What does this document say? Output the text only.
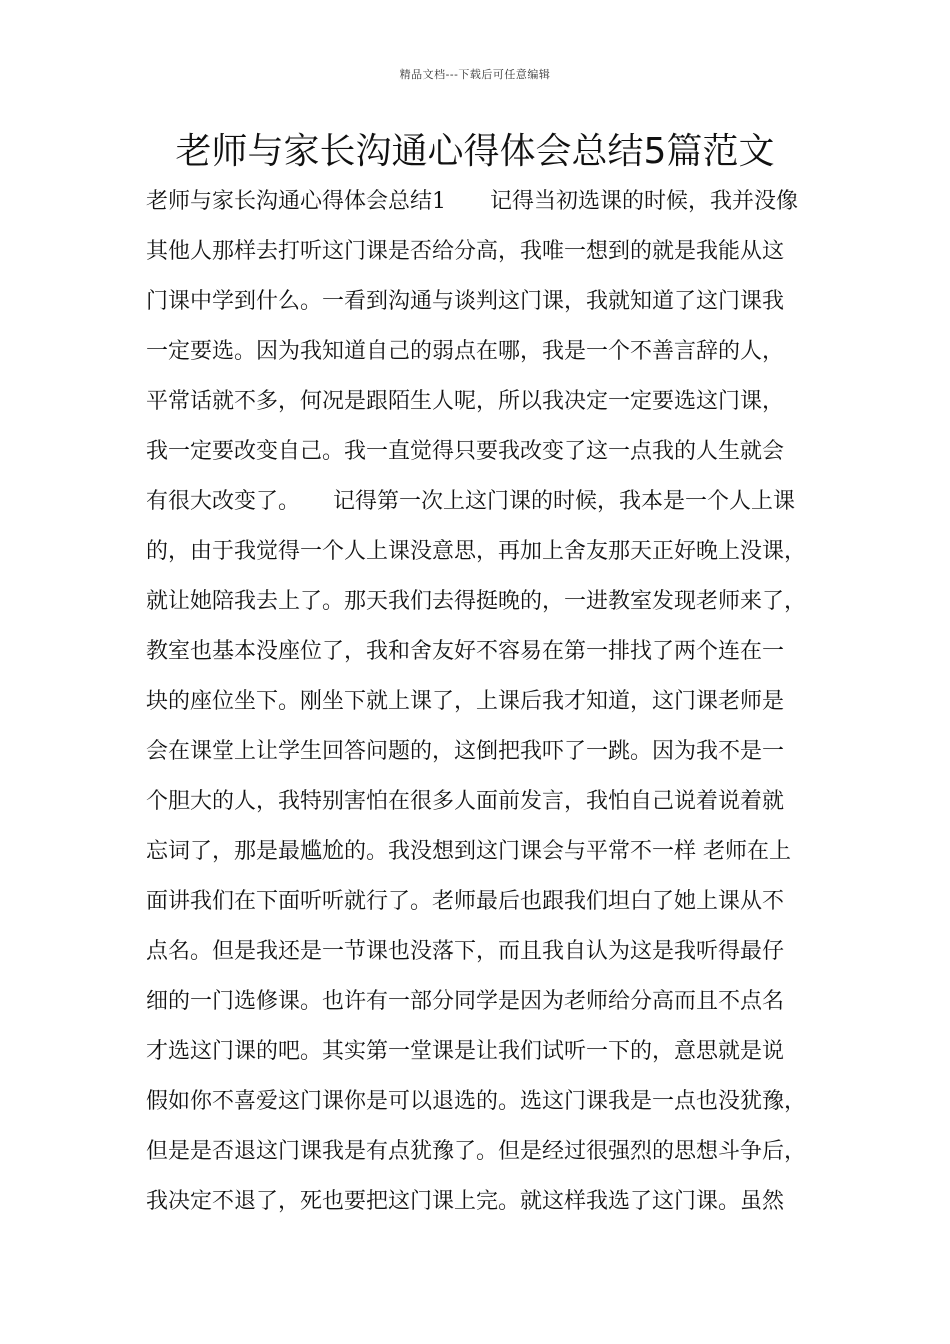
精品文档---下载后可任意编辑
老师与家长沟通心得体会总结5篇范文
老师与家长沟通心得体会总结1　　记得当初选课的时候，我并没像
其他人那样去打听这门课是否给分高，我唯一想到的就是我能从这
门课中学到什么。一看到沟通与谈判这门课，我就知道了这门课我
一定要选。因为我知道自己的弱点在哪，我是一个不善言辞的人，
平常话就不多，何况是跟陌生人呢，所以我决定一定要选这门课，
我一定要改变自己。我一直觉得只要我改变了这一点我的人生就会
有很大改变了。　　记得第一次上这门课的时候，我本是一个人上课
的，由于我觉得一个人上课没意思，再加上舍友那天正好晚上没课，
就让她陪我去上了。那天我们去得挺晚的，一进教室发现老师来了，
教室也基本没座位了，我和舍友好不容易在第一排找了两个连在一
块的座位坐下。刚坐下就上课了，上课后我才知道，这门课老师是
会在课堂上让学生回答问题的，这倒把我吓了一跳。因为我不是一
个胆大的人，我特别害怕在很多人面前发言，我怕自己说着说着就
忘词了，那是最尴尬的。我没想到这门课会与平常不一样 老师在上
面讲我们在下面听听就行了。老师最后也跟我们坦白了她上课从不
点名。但是我还是一节课也没落下，而且我自认为这是我听得最仔
细的一门选修课。也许有一部分同学是因为老师给分高而且不点名
才选这门课的吧。其实第一堂课是让我们试听一下的，意思就是说
假如你不喜爱这门课你是可以退选的。选这门课我是一点也没犹豫，
但是是否退这门课我是有点犹豫了。但是经过很强烈的思想斗争后，
我决定不退了，死也要把这门课上完。就这样我选了这门课。虽然
